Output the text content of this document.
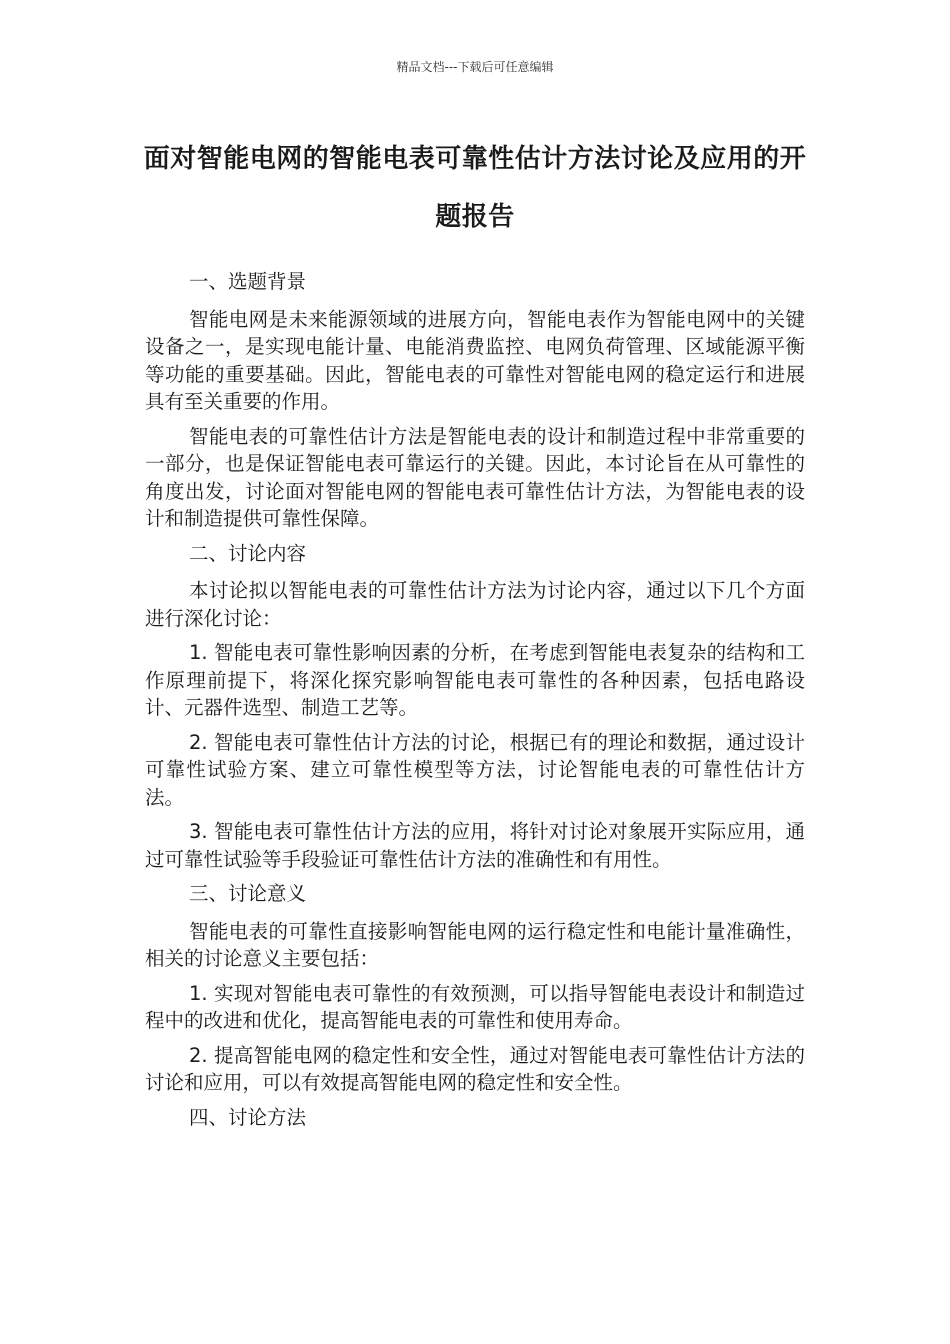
精品文档---下载后可任意编辑
面对智能电网的智能电表可靠性估计方法讨论及应用的开题报告

一、选题背景

智能电网是未来能源领域的进展方向，智能电表作为智能电网中的关键设备之一，是实现电能计量、电能消费监控、电网负荷管理、区域能源平衡等功能的重要基础。因此，智能电表的可靠性对智能电网的稳定运行和进展具有至关重要的作用。

智能电表的可靠性估计方法是智能电表的设计和制造过程中非常重要的一部分，也是保证智能电表可靠运行的关键。因此，本讨论旨在从可靠性的角度出发，讨论面对智能电网的智能电表可靠性估计方法，为智能电表的设计和制造提供可靠性保障。

二、讨论内容

本讨论拟以智能电表的可靠性估计方法为讨论内容，通过以下几个方面进行深化讨论：

1. 智能电表可靠性影响因素的分析，在考虑到智能电表复杂的结构和工作原理前提下，将深化探究影响智能电表可靠性的各种因素，包括电路设计、元器件选型、制造工艺等。

2. 智能电表可靠性估计方法的讨论，根据已有的理论和数据，通过设计可靠性试验方案、建立可靠性模型等方法，讨论智能电表的可靠性估计方法。

3. 智能电表可靠性估计方法的应用，将针对讨论对象展开实际应用，通过可靠性试验等手段验证可靠性估计方法的准确性和有用性。

三、讨论意义

智能电表的可靠性直接影响智能电网的运行稳定性和电能计量准确性，相关的讨论意义主要包括：

1. 实现对智能电表可靠性的有效预测，可以指导智能电表设计和制造过程中的改进和优化，提高智能电表的可靠性和使用寿命。

2. 提高智能电网的稳定性和安全性，通过对智能电表可靠性估计方法的讨论和应用，可以有效提高智能电网的稳定性和安全性。

四、讨论方法
